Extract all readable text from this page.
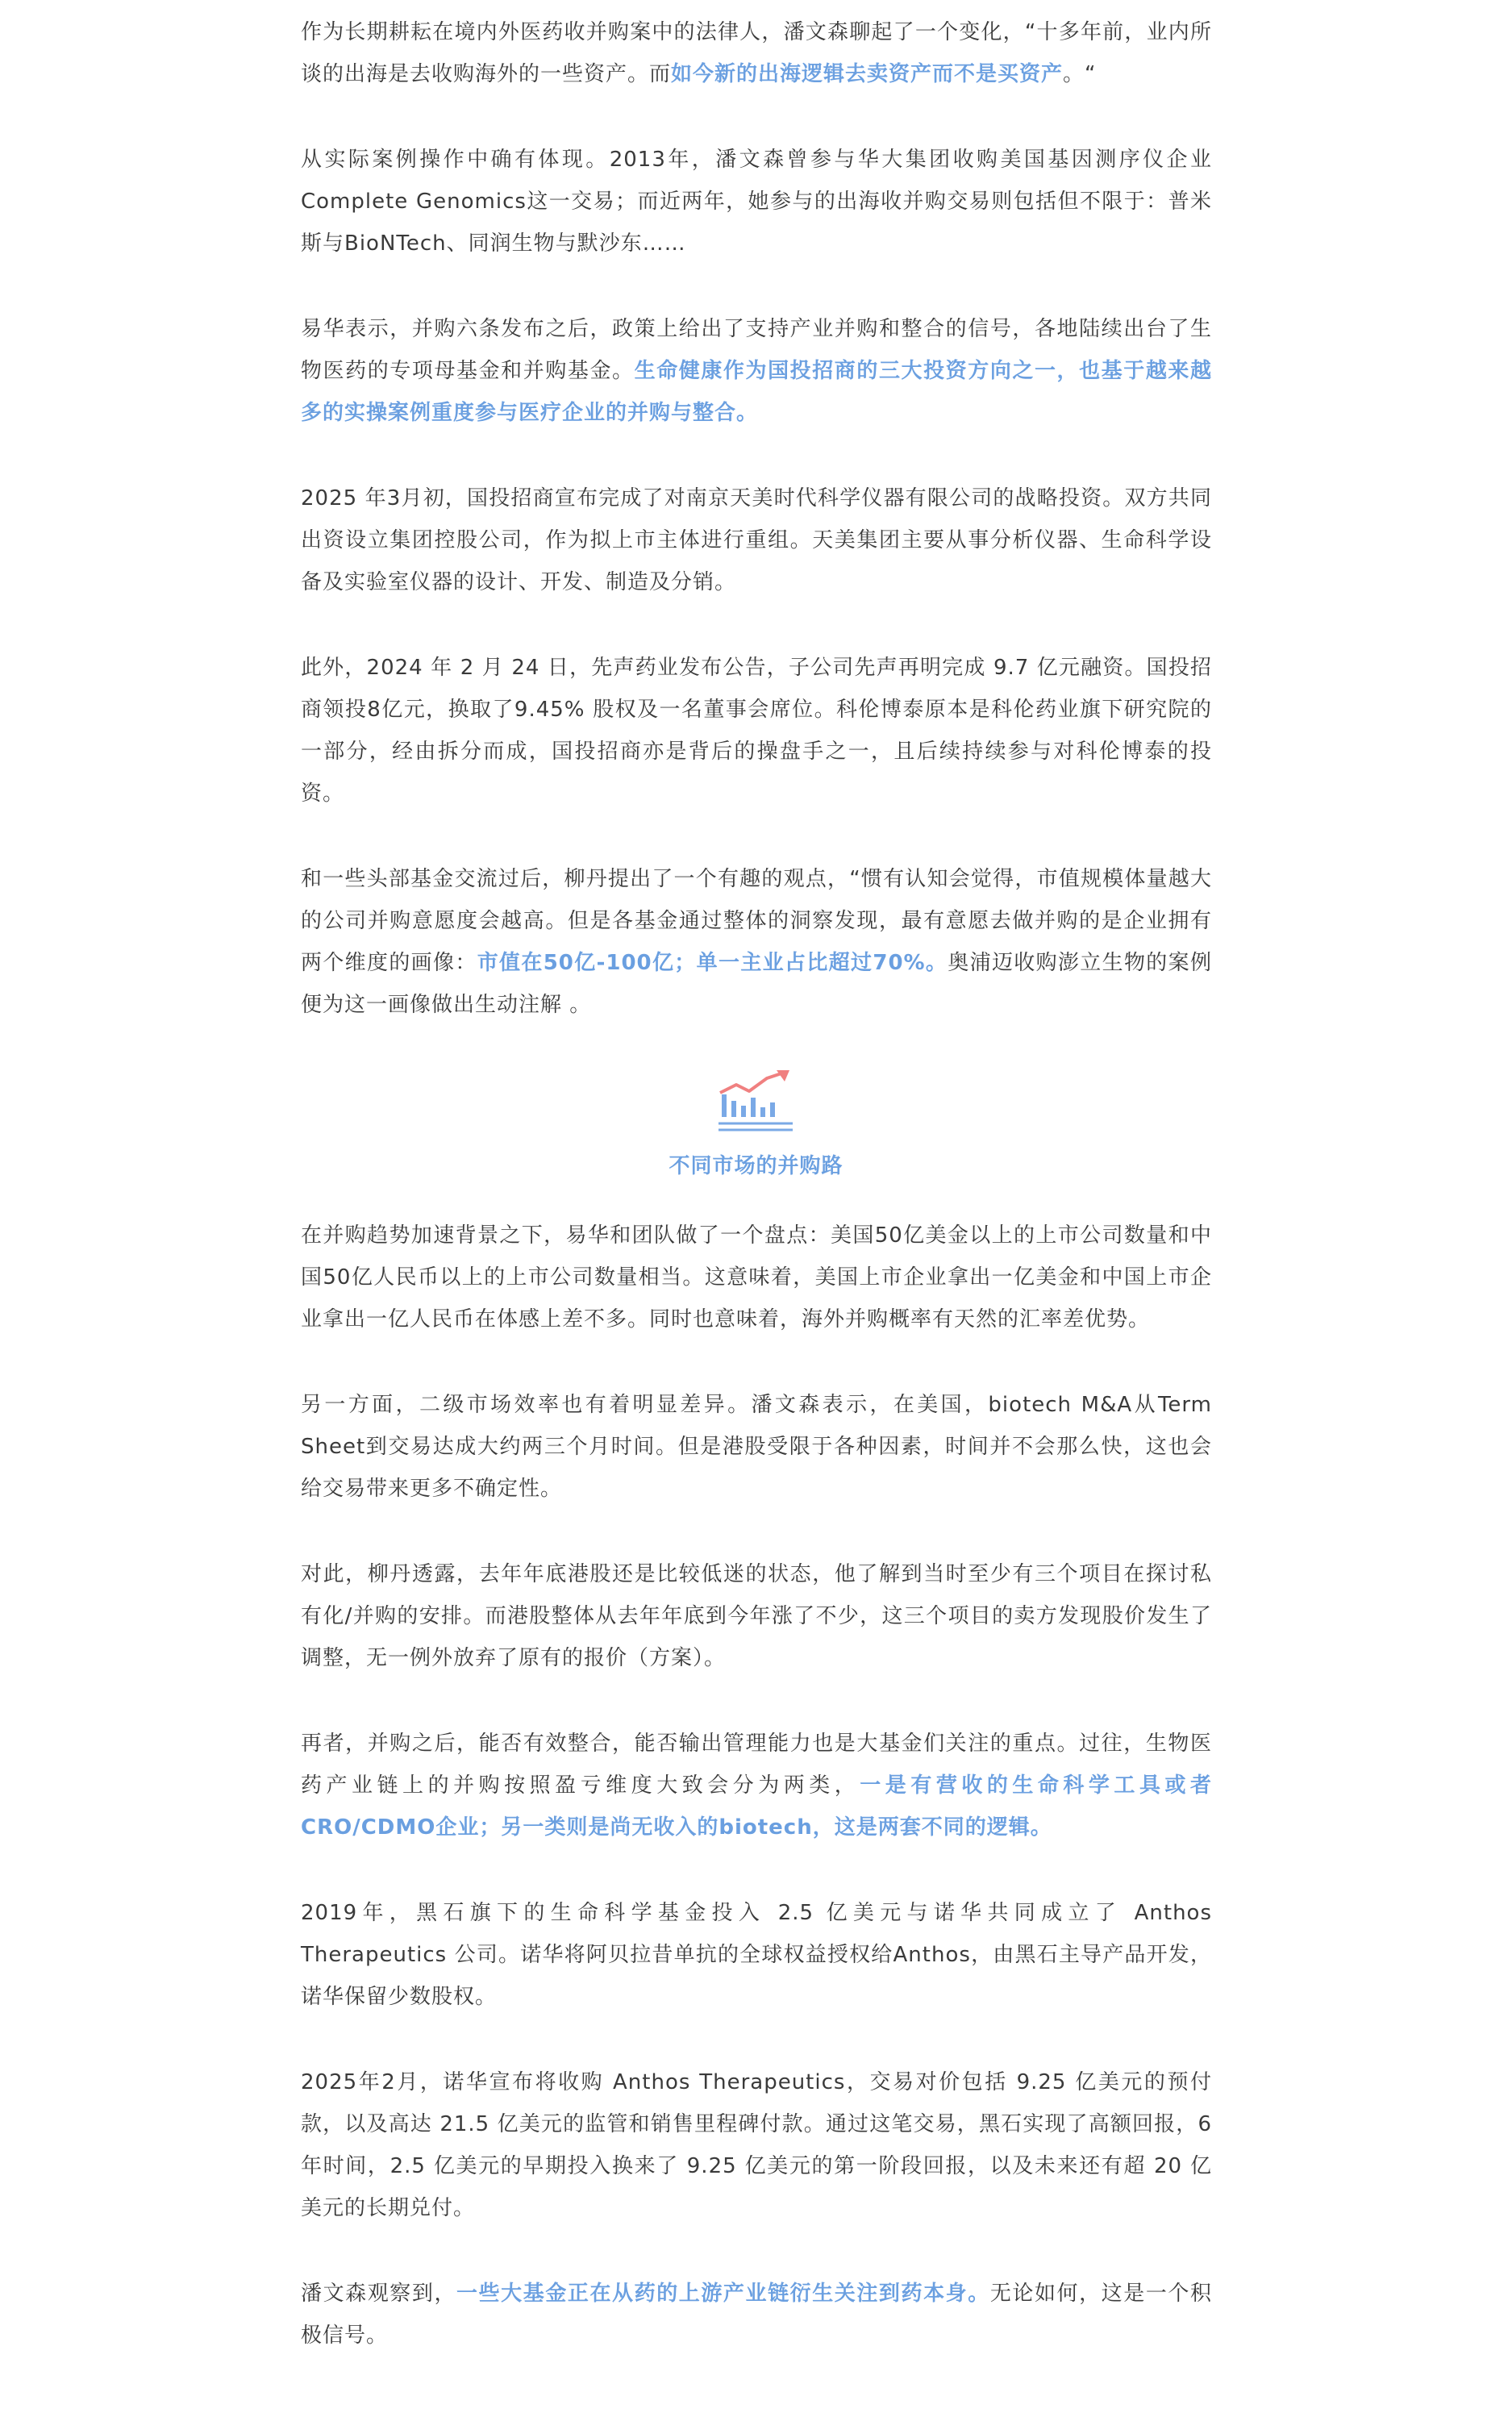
作为长期耕耘在境内外医药收并购案中的法律人，潘文森聊起了一个变化，“十多年前，业内所谈的出海是去收购海外的一些资产。而如今新的出海逻辑去卖资产而不是买资产。“

从实际案例操作中确有体现。2013年，潘文森曾参与华大集团收购美国基因测序仪企业Complete Genomics这一交易；而近两年，她参与的出海收并购交易则包括但不限于：普米斯与BioNTech、同润生物与默沙东……

易华表示，并购六条发布之后，政策上给出了支持产业并购和整合的信号，各地陆续出台了生物医药的专项母基金和并购基金。生命健康作为国投招商的三大投资方向之一，也基于越来越多的实操案例重度参与医疗企业的并购与整合。

2025 年3月初，国投招商宣布完成了对南京天美时代科学仪器有限公司的战略投资。双方共同出资设立集团控股公司，作为拟上市主体进行重组。天美集团主要从事分析仪器、生命科学设备及实验室仪器的设计、开发、制造及分销。

此外，2024 年 2 月 24 日，先声药业发布公告，子公司先声再明完成 9.7 亿元融资。国投招商领投8亿元，换取了9.45% 股权及一名董事会席位。科伦博泰原本是科伦药业旗下研究院的一部分，经由拆分而成，国投招商亦是背后的操盘手之一，且后续持续参与对科伦博泰的投资。

和一些头部基金交流过后，柳丹提出了一个有趣的观点，“惯有认知会觉得，市值规模体量越大的公司并购意愿度会越高。但是各基金通过整体的洞察发现，最有意愿去做并购的是企业拥有两个维度的画像：市值在50亿-100亿；单一主业占比超过70%。奥浦迈收购澎立生物的案例便为这一画像做出生动注解 。

不同市场的并购路

在并购趋势加速背景之下，易华和团队做了一个盘点：美国50亿美金以上的上市公司数量和中国50亿人民币以上的上市公司数量相当。这意味着，美国上市企业拿出一亿美金和中国上市企业拿出一亿人民币在体感上差不多。同时也意味着，海外并购概率有天然的汇率差优势。

另一方面，二级市场效率也有着明显差异。潘文森表示，在美国，biotech M&A从Term Sheet到交易达成大约两三个月时间。但是港股受限于各种因素，时间并不会那么快，这也会给交易带来更多不确定性。

对此，柳丹透露，去年年底港股还是比较低迷的状态，他了解到当时至少有三个项目在探讨私有化/并购的安排。而港股整体从去年年底到今年涨了不少，这三个项目的卖方发现股价发生了调整，无一例外放弃了原有的报价（方案）。

再者，并购之后，能否有效整合，能否输出管理能力也是大基金们关注的重点。过往，生物医药产业链上的并购按照盈亏维度大致会分为两类，一是有营收的生命科学工具或者CRO/CDMO企业；另一类则是尚无收入的biotech，这是两套不同的逻辑。

2019年，黑石旗下的生命科学基金投入 2.5 亿美元与诺华共同成立了 Anthos Therapeutics 公司。诺华将阿贝拉昔单抗的全球权益授权给Anthos，由黑石主导产品开发，诺华保留少数股权。

2025年2月，诺华宣布将收购 Anthos Therapeutics，交易对价包括 9.25 亿美元的预付款，以及高达 21.5 亿美元的监管和销售里程碑付款。通过这笔交易，黑石实现了高额回报，6年时间，2.5 亿美元的早期投入换来了 9.25 亿美元的第一阶段回报，以及未来还有超 20 亿美元的长期兑付。

潘文森观察到，一些大基金正在从药的上游产业链衍生关注到药本身。无论如何，这是一个积极信号。
